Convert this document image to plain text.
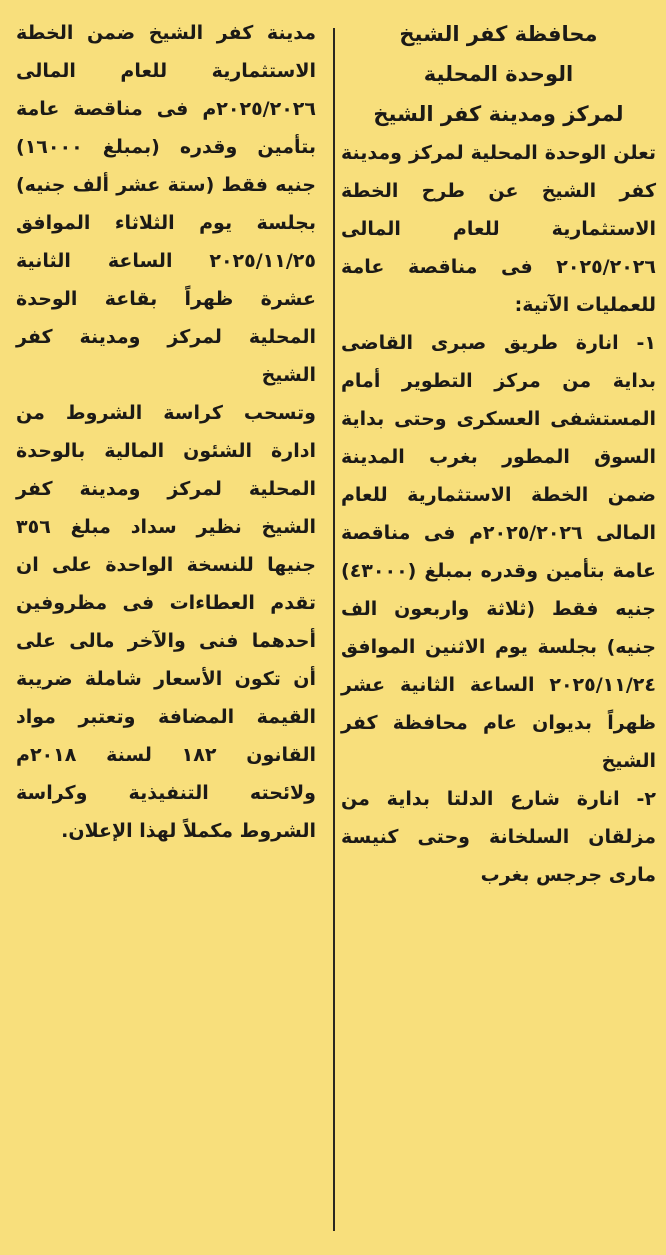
محافظة كفر الشيخ
الوحدة المحلية
لمركز ومدينة كفر الشيخ
تعلن الوحدة المحلية لمركز ومدينة كفر الشيخ عن طرح الخطة الاستثمارية للعام المالى ٢٠٢٥/٢٠٢٦ فى مناقصة عامة للعمليات الآتية:
١- انارة طريق صبرى القاضى بداية من مركز التطوير أمام المستشفى العسكرى وحتى بداية السوق المطور بغرب المدينة ضمن الخطة الاستثمارية للعام المالى ٢٠٢٥/٢٠٢٦م فى مناقصة عامة بتأمين وقدره بمبلغ (٤٣٠٠٠) جنيه فقط (ثلاثة واربعون الف جنيه) بجلسة يوم الاثنين الموافق ٢٠٢٥/١١/٢٤ الساعة الثانية عشر ظهراً بديوان عام محافظة كفر الشيخ
٢- انارة شارع الدلتا بداية من مزلقان السلخانة وحتى كنيسة مارى جرجس بغرب
مدينة كفر الشيخ ضمن الخطة الاستثمارية للعام المالى ٢٠٢٥/٢٠٢٦م فى مناقصة عامة بتأمين وقدره (بمبلغ ١٦٠٠٠) جنيه فقط (ستة عشر ألف جنيه) بجلسة يوم الثلاثاء الموافق ٢٠٢٥/١١/٢٥ الساعة الثانية عشرة ظهراً بقاعة الوحدة المحلية لمركز ومدينة كفر الشيخ
وتسحب كراسة الشروط من ادارة الشئون المالية بالوحدة المحلية لمركز ومدينة كفر الشيخ نظير سداد مبلغ ٣٥٦ جنيها للنسخة الواحدة على ان تقدم العطاءات فى مظروفين أحدهما فنى والآخر مالى على أن تكون الأسعار شاملة ضريبة القيمة المضافة وتعتبر مواد القانون ١٨٢ لسنة ٢٠١٨م ولائحته التنفيذية وكراسة الشروط مكملاً لهذا الإعلان.
